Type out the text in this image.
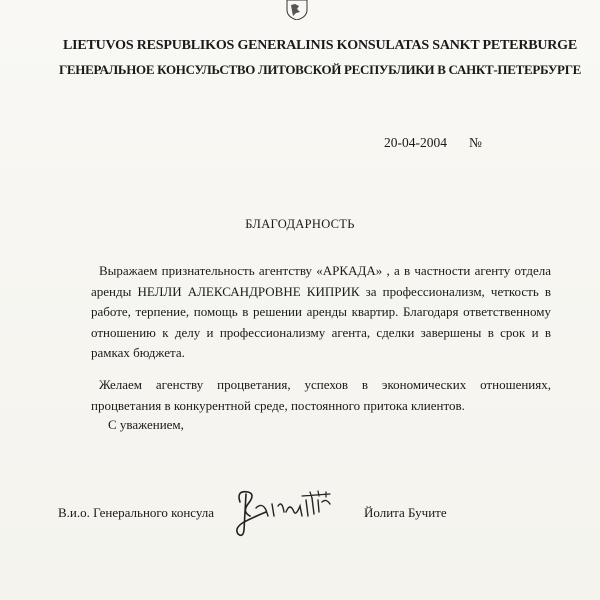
LIETUVOS RESPUBLIKOS GENERALINIS KONSULATAS SANKT PETERBURGE
ГЕНЕРАЛЬНОЕ КОНСУЛЬСТВО ЛИТОВСКОЙ РЕСПУБЛИКИ В САНКТ-ПЕТЕРБУРГЕ
20-04-2004 №
БЛАГОДАРНОСТЬ
Выражаем признательность агентству «АРКАДА» , а в частности агенту отдела аренды НЕЛЛИ АЛЕКСАНДРОВНЕ КИПРИК за профессионализм, четкость в работе, терпение, помощь в решении аренды квартир. Благодаря ответственному отношению к делу и профессионализму агента, сделки завершены в срок и в рамках бюджета.
Желаем агенству процветания, успехов в экономических отношениях, процветания в конкурентной среде, постоянного притока клиентов.
С уважением,
В.и.о. Генерального консула	Йолита Бучите
